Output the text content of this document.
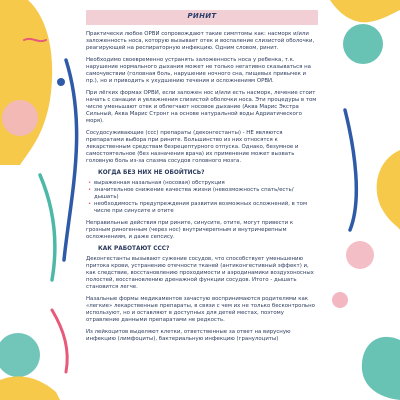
РИНИТ

Практически любое ОРВИ сопровождают такие симптомы как: насморк и/или заложенность носа, которую вызывает отек и воспаление слизистой оболочки, реагирующей на респираторную инфекцию. Одним словом, ринит.

Необходимо своевременно устранять заложенность носа у ребенка, т.к. нарушение нормального дыхания может не только негативно сказываться на самочувствии (головная боль, нарушение ночного сна, пищевых привычек и пр.), но и приводить к ухудшению течения и осложнениям ОРВИ.

При лёгких формах ОРВИ, если заложен нос и/или есть насморк, лечение стоит начать с санации и увлажнения слизистой оболочки носа. Эти процедуры в том числе уменьшают отек и облегчают носовое дыхание (Аква Марис Экстра Сильный, Аква Марис Стронг на основе натуральной воды Адриатического моря).

Сосудосуживающие (ссс) препараты (деконгестанты) - НЕ являются препаратами выбора при рините. Большинство из них относятся к лекарственным средствам безрецептурного отпуска. Однако, безумное и самостоятельное (без назначения врача) их применение может вызвать головную боль из-за спазма сосудов головного мозга.

КОГДА БЕЗ НИХ НЕ ОБОЙТИСЬ?
• выраженная назальная (носовая) обструкция
• значительное снижение качества жизни (невозможность спать/есть/дышать)
• необходимость предупреждения развития возможных осложнений, в том числе при синусите и отите

Неправильные действия при рините, синусите, отите, могут привести к грозным риногенным (через нос) внутричерепным и внутричерепным осложнениям, и даже сепсису.

КАК РАБОТАЮТ ССС?

Деконгестанты вызывают сужение сосудов, что способствует уменьшению притока крови, устранению отечности тканей (антиконгестивный эффект) и, как следствие, восстановлению проходимости и аэродинамики воздухоносных полостей, восстановлению дренажной функции сосудов. Итого - дышать становится легче.

Назальные формы медикаментов зачастую воспринимаются родителями как «легкие» лекарственные препараты, в связи с чем их не только бесконтрольно используют, но и оставляют в доступных для детей местах, поэтому отравление данными препаратами не редкость.

Из лейкоцитов выделяют клетки, ответственные за ответ на вирусную инфекцию (лимфоциты), бактериальную инфекцию (гранулоциты)
